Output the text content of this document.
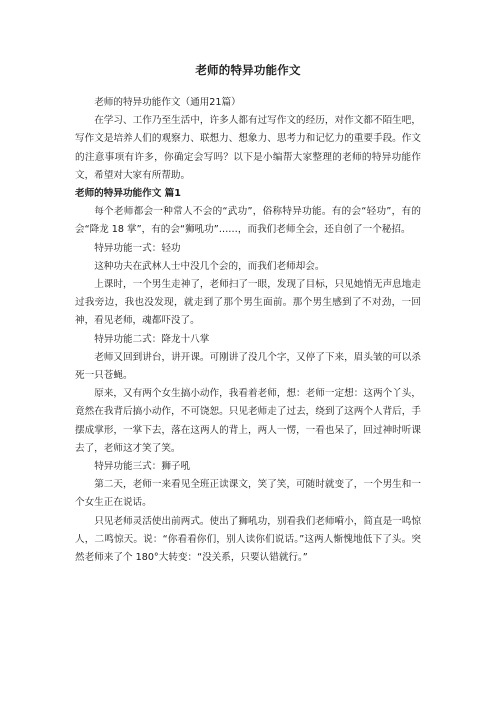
老师的特异功能作文

老师的特异功能作文（通用21篇）

在学习、工作乃至生活中，许多人都有过写作文的经历，对作文都不陌生吧，写作文是培养人们的观察力、联想力、想象力、思考力和记忆力的重要手段。作文的注意事项有许多，你确定会写吗？以下是小编帮大家整理的老师的特异功能作文，希望对大家有所帮助。

老师的特异功能作文 篇1

每个老师都会一种常人不会的“武功”，俗称特异功能。有的会“轻功”，有的会“降龙 18 掌”，有的会“狮吼功”……，而我们老师全会，还自创了一个秘招。

特异功能一式：轻功

这种功夫在武林人士中没几个会的，而我们老师却会。

上课时，一个男生走神了，老师扫了一眼，发现了目标，只见她悄无声息地走过我旁边，我也没发现，就走到了那个男生面前。那个男生感到了不对劲，一回神，看见老师，魂都吓没了。

特异功能二式：降龙十八掌

老师又回到讲台，讲开课。可刚讲了没几个字，又停了下来，眉头皱的可以杀死一只苍蝇。

原来，又有两个女生搞小动作，我看着老师，想：老师一定想：这两个丫头，竟然在我背后搞小动作，不可饶恕。只见老师走了过去，绕到了这两个人背后，手摆成掌形，一掌下去，落在这两人的背上，两人一愣，一看也呆了，回过神时听课去了，老师这才笑了笑。

特异功能三式：狮子吼

第二天，老师一来看见全班正读课文，笑了笑，可随时就变了，一个男生和一个女生正在说话。

只见老师灵活使出前两式。使出了狮吼功，别看我们老师嗬小，简直是一鸣惊人，二鸣惊天。说：“你看看你们，别人读你们说话。”这两人惭愧地低下了头。突然老师来了个 180°大转变：“没关系，只要认错就行。”
